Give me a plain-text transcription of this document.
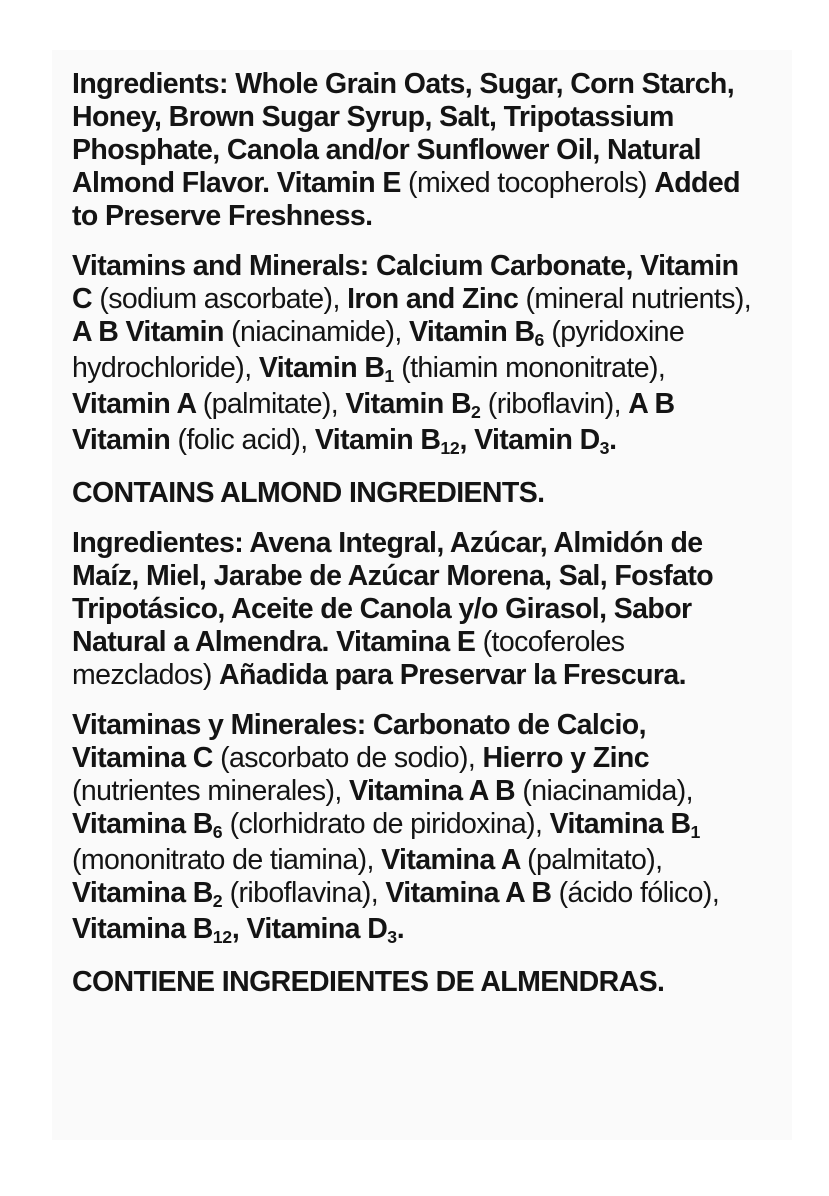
Ingredients: Whole Grain Oats, Sugar, Corn Starch, Honey, Brown Sugar Syrup, Salt, Tripotassium Phosphate, Canola and/or Sunflower Oil, Natural Almond Flavor. Vitamin E (mixed tocopherols) Added to Preserve Freshness.

Vitamins and Minerals: Calcium Carbonate, Vitamin C (sodium ascorbate), Iron and Zinc (mineral nutrients), A B Vitamin (niacinamide), Vitamin B6 (pyridoxine hydrochloride), Vitamin B1 (thiamin mononitrate), Vitamin A (palmitate), Vitamin B2 (riboflavin), A B Vitamin (folic acid), Vitamin B12, Vitamin D3.

CONTAINS ALMOND INGREDIENTS.

Ingredientes: Avena Integral, Azúcar, Almidón de Maíz, Miel, Jarabe de Azúcar Morena, Sal, Fosfato Tripotásico, Aceite de Canola y/o Girasol, Sabor Natural a Almendra. Vitamina E (tocoferoles mezclados) Añadida para Preservar la Frescura.

Vitaminas y Minerales: Carbonato de Calcio, Vitamina C (ascorbato de sodio), Hierro y Zinc (nutrientes minerales), Vitamina A B (niacinamida), Vitamina B6 (clorhidrato de piridoxina), Vitamina B1 (mononitrato de tiamina), Vitamina A (palmitato), Vitamina B2 (riboflavina), Vitamina A B (ácido fólico), Vitamina B12, Vitamina D3.

CONTIENE INGREDIENTES DE ALMENDRAS.
